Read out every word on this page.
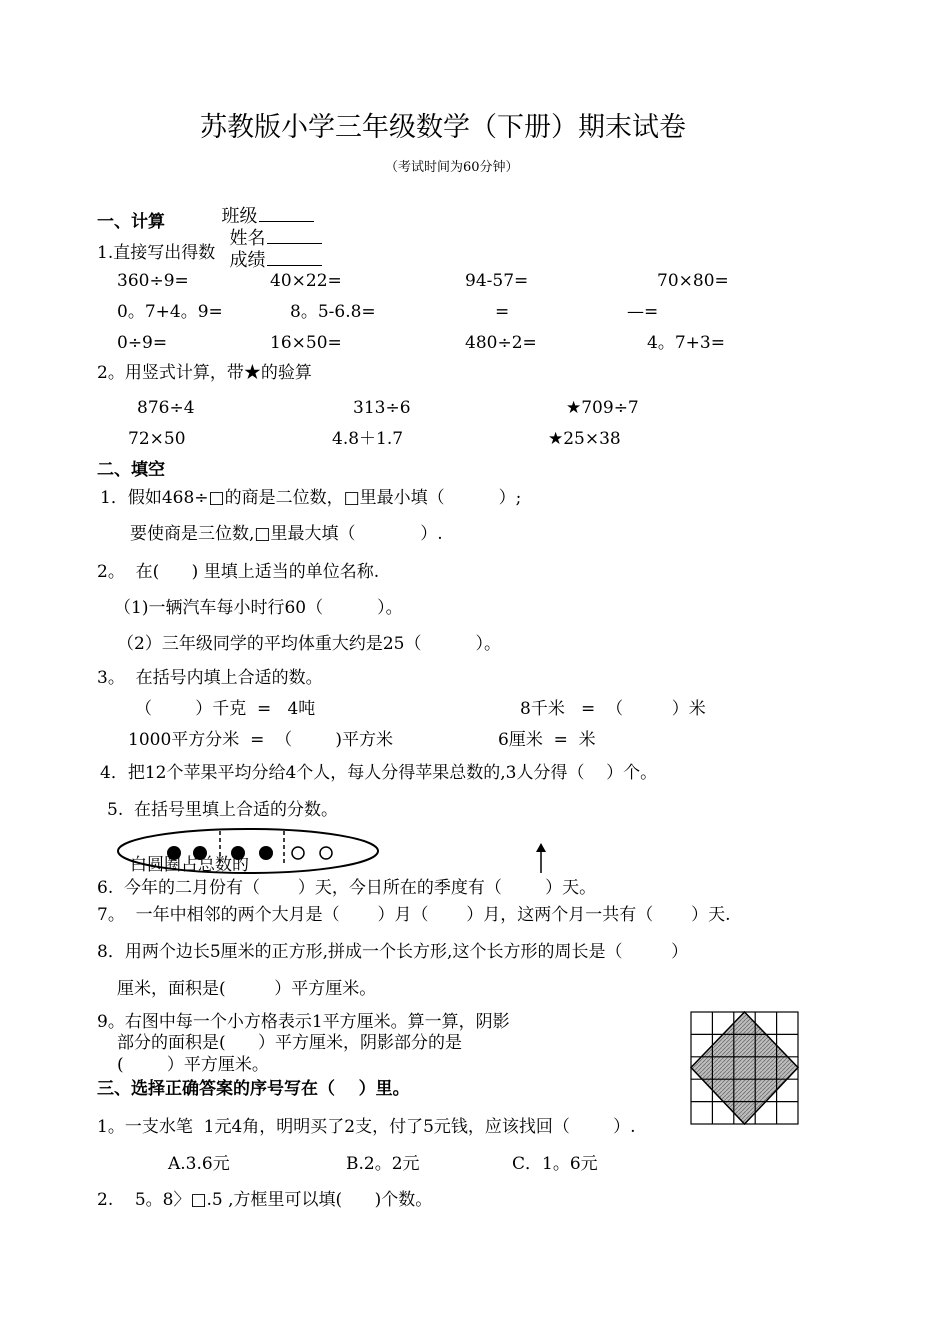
苏教版小学三年级数学（下册）期末试卷
（考试时间为60分钟）

班级
姓名
成绩

一、计算
1.直接写出得数
360÷9=	40×22=	94-57=	70×80=
0。7+4。9=	8。5-6.8=	=	—=
0÷9=	16×50=	480÷2=	4。7+3=
2。用竖式计算，带★的验算
876÷4	313÷6	★709÷7
72×50	4.8＋1.7	★25×38
二、填空
1．假如468÷□的商是二位数，□里最小填（          ）;
要使商是三位数,□里最大填（            ）.
2。  在(      ) 里填上适当的单位名称.
（1)一辆汽车每小时行60（          ）。
（2）三年级同学的平均体重大约是25（          ）。
3。  在括号内填上合适的数。
（        ）千克  =   4吨	8千米   =  （         ）米
1000平方分米  =  （        )平方米	6厘米  =  米
4．把12个苹果平均分给4个人，每人分得苹果总数的,3人分得（    ）个。
5.  在括号里填上合适的分数。
白圆圈占总数的
6.  今年的二月份有（       ）天，今日所在的季度有（        ）天。
7。  一年中相邻的两个大月是（       ）月（       ）月，这两个月一共有（       ）天.
8．用两个边长5厘米的正方形,拼成一个长方形,这个长方形的周长是（         ）
厘米，面积是(         ）平方厘米。
9。右图中每一个小方格表示1平方厘米。算一算，阴影
部分的面积是(      ）平方厘米，阴影部分的是
(        ）平方厘米。
三、选择正确答案的序号写在（    ）里。
1。一支水笔  1元4角，明明买了2支，付了5元钱，应该找回（        ）.
A.3.6元	B.2。2元	C．1。6元
2.    5。8〉□.5 ,方框里可以填(      )个数。
